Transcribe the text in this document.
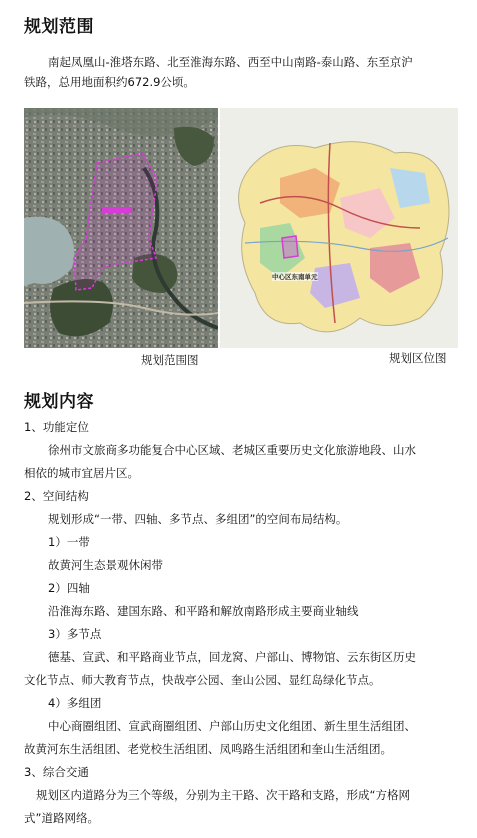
规划范围
南起凤凰山-淮塔东路、北至淮海东路、西至中山南路-泰山路、东至京沪
铁路，总用地面积约672.9公顷。
规划范围图
中心区东南单元
规划区位图
规划内容
1、功能定位
徐州市文旅商多功能复合中心区域、老城区重要历史文化旅游地段、山水
相依的城市宜居片区。
2、空间结构
规划形成“一带、四轴、多节点、多组团”的空间布局结构。
1）一带
故黄河生态景观休闲带
2）四轴
沿淮海东路、建国东路、和平路和解放南路形成主要商业轴线
3）多节点
德基、宣武、和平路商业节点，回龙窝、户部山、博物馆、云东街区历史
文化节点、师大教育节点，快哉亭公园、奎山公园、显红岛绿化节点。
4）多组团
中心商圈组团、宣武商圈组团、户部山历史文化组团、新生里生活组团、
故黄河东生活组团、老党校生活组团、凤鸣路生活组团和奎山生活组团。
3、综合交通
规划区内道路分为三个等级，分别为主干路、次干路和支路，形成“方格网
式”道路网络。
